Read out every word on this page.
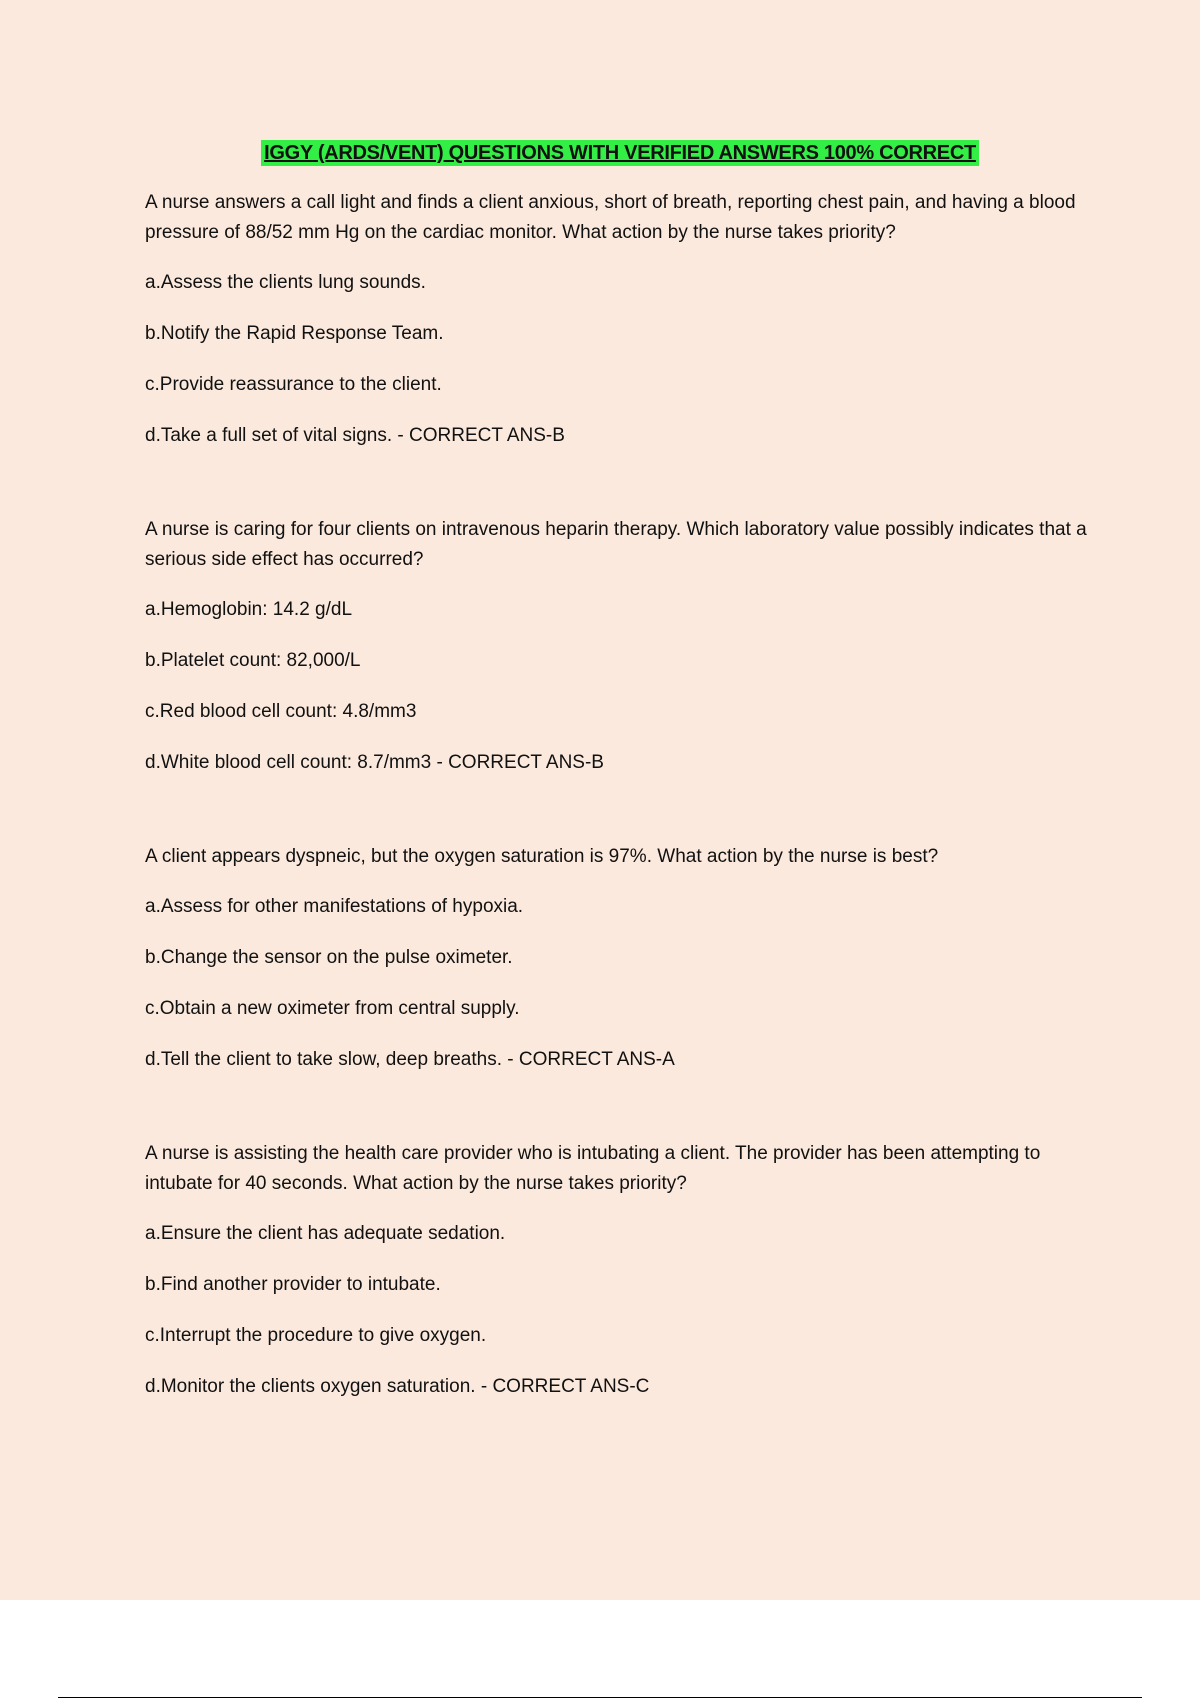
IGGY (ARDS/VENT) QUESTIONS WITH VERIFIED ANSWERS 100% CORRECT
A nurse answers a call light and finds a client anxious, short of breath, reporting chest pain, and having a blood pressure of 88/52 mm Hg on the cardiac monitor. What action by the nurse takes priority?
a.Assess the clients lung sounds.
b.Notify the Rapid Response Team.
c.Provide reassurance to the client.
d.Take a full set of vital signs. - CORRECT ANS-B
A nurse is caring for four clients on intravenous heparin therapy. Which laboratory value possibly indicates that a serious side effect has occurred?
a.Hemoglobin: 14.2 g/dL
b.Platelet count: 82,000/L
c.Red blood cell count: 4.8/mm3
d.White blood cell count: 8.7/mm3 - CORRECT ANS-B
A client appears dyspneic, but the oxygen saturation is 97%. What action by the nurse is best?
a.Assess for other manifestations of hypoxia.
b.Change the sensor on the pulse oximeter.
c.Obtain a new oximeter from central supply.
d.Tell the client to take slow, deep breaths. - CORRECT ANS-A
A nurse is assisting the health care provider who is intubating a client. The provider has been attempting to intubate for 40 seconds. What action by the nurse takes priority?
a.Ensure the client has adequate sedation.
b.Find another provider to intubate.
c.Interrupt the procedure to give oxygen.
d.Monitor the clients oxygen saturation. - CORRECT ANS-C
